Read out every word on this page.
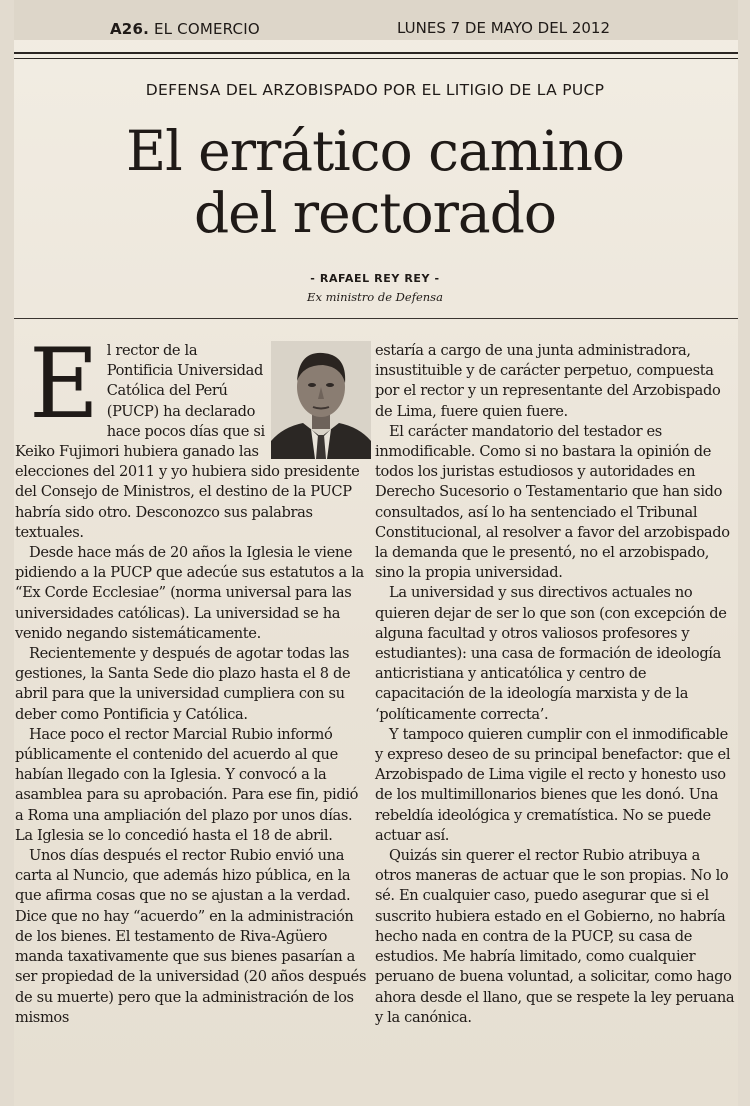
A26. EL COMERCIO	LUNES 7 DE MAYO DEL 2012
DEFENSA DEL ARZOBISPADO POR EL LITIGIO DE LA PUCP
El errático camino
del rectorado
- RAFAEL REY REY -
Ex ministro de Defensa
E l rector de la Pontificia Universidad Católica del Perú (PUCP) ha declarado hace pocos días que si Keiko Fujimori hubiera ganado las elecciones del 2011 y yo hubiera sido presidente del Consejo de Ministros, el destino de la PUCP habría sido otro. Desconozco sus palabras textuales.

Desde hace más de 20 años la Iglesia le viene pidiendo a la PUCP que adecúe sus estatutos a la “Ex Corde Ecclesiae” (norma universal para las universidades católicas). La universidad se ha venido negando sistemáticamente.

Recientemente y después de agotar todas las gestiones, la Santa Sede dio plazo hasta el 8 de abril para que la universidad cumpliera con su deber como Pontificia y Católica.

Hace poco el rector Marcial Rubio informó públicamente el contenido del acuerdo al que habían llegado con la Iglesia. Y convocó a la asamblea para su aprobación. Para ese fin, pidió a Roma una ampliación del plazo por unos días. La Iglesia se lo concedió hasta el 18 de abril.

Unos días después el rector Rubio envió una carta al Nuncio, que además hizo pública, en la que afirma cosas que no se ajustan a la verdad. Dice que no hay “acuerdo” en la administración de los bienes. El testamento de Riva-Agüero manda taxativamente que sus bienes pasarían a ser propiedad de la universidad (20 años después de su muerte) pero que la administración de los mismos

estaría a cargo de una junta administradora, insustituible y de carácter perpetuo, compuesta por el rector y un representante del Arzobispado de Lima, fuere quien fuere.

El carácter mandatorio del testador es inmodificable. Como si no bastara la opinión de todos los juristas estudiosos y autoridades en Derecho Sucesorio o Testamentario que han sido consultados, así lo ha sentenciado el Tribunal Constitucional, al resolver a favor del arzobispado la demanda que le presentó, no el arzobispado, sino la propia universidad.

La universidad y sus directivos actuales no quieren dejar de ser lo que son (con excepción de alguna facultad y otros valiosos profesores y estudiantes): una casa de formación de ideología anticristiana y anticatólica y centro de capacitación de la ideología marxista y de la ‘políticamente correcta’.

Y tampoco quieren cumplir con el inmodificable y expreso deseo de su principal benefactor: que el Arzobispado de Lima vigile el recto y honesto uso de los multimillonarios bienes que les donó. Una rebeldía ideológica y crematística. No se puede actuar así.

Quizás sin querer el rector Rubio atribuya a otros maneras de actuar que le son propias. No lo sé. En cualquier caso, puedo asegurar que si el suscrito hubiera estado en el Gobierno, no habría hecho nada en contra de la PUCP, su casa de estudios. Me habría limitado, como cualquier peruano de buena voluntad, a solicitar, como hago ahora desde el llano, que se respete la ley peruana y la canónica.
